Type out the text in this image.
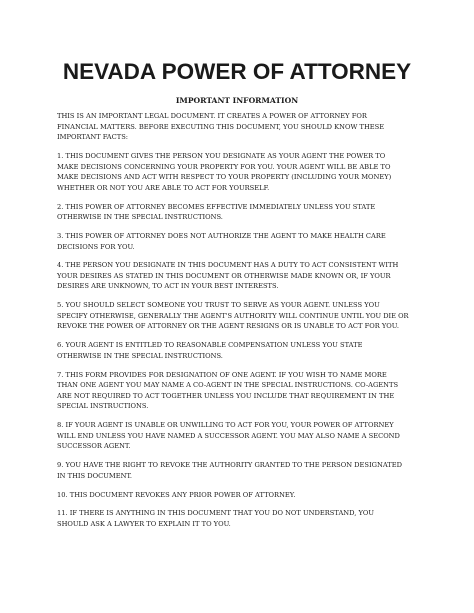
NEVADA POWER OF ATTORNEY
IMPORTANT INFORMATION
THIS IS AN IMPORTANT LEGAL DOCUMENT. IT CREATES A POWER OF ATTORNEY FOR
FINANCIAL MATTERS. BEFORE EXECUTING THIS DOCUMENT, YOU SHOULD KNOW THESE
IMPORTANT FACTS:
1. THIS DOCUMENT GIVES THE PERSON YOU DESIGNATE AS YOUR AGENT THE POWER TO
MAKE DECISIONS CONCERNING YOUR PROPERTY FOR YOU. YOUR AGENT WILL BE ABLE TO
MAKE DECISIONS AND ACT WITH RESPECT TO YOUR PROPERTY (INCLUDING YOUR MONEY)
WHETHER OR NOT YOU ARE ABLE TO ACT FOR YOURSELF.
2. THIS POWER OF ATTORNEY BECOMES EFFECTIVE IMMEDIATELY UNLESS YOU STATE
OTHERWISE IN THE SPECIAL INSTRUCTIONS.
3. THIS POWER OF ATTORNEY DOES NOT AUTHORIZE THE AGENT TO MAKE HEALTH CARE
DECISIONS FOR YOU.
4. THE PERSON YOU DESIGNATE IN THIS DOCUMENT HAS A DUTY TO ACT CONSISTENT WITH
YOUR DESIRES AS STATED IN THIS DOCUMENT OR OTHERWISE MADE KNOWN OR, IF YOUR
DESIRES ARE UNKNOWN, TO ACT IN YOUR BEST INTERESTS.
5. YOU SHOULD SELECT SOMEONE YOU TRUST TO SERVE AS YOUR AGENT. UNLESS YOU
SPECIFY OTHERWISE, GENERALLY THE AGENT'S AUTHORITY WILL CONTINUE UNTIL YOU DIE OR
REVOKE THE POWER OF ATTORNEY OR THE AGENT RESIGNS OR IS UNABLE TO ACT FOR YOU.
6. YOUR AGENT IS ENTITLED TO REASONABLE COMPENSATION UNLESS YOU STATE
OTHERWISE IN THE SPECIAL INSTRUCTIONS.
7. THIS FORM PROVIDES FOR DESIGNATION OF ONE AGENT. IF YOU WISH TO NAME MORE
THAN ONE AGENT YOU MAY NAME A CO-AGENT IN THE SPECIAL INSTRUCTIONS. CO-AGENTS
ARE NOT REQUIRED TO ACT TOGETHER UNLESS YOU INCLUDE THAT REQUIREMENT IN THE
SPECIAL INSTRUCTIONS.
8. IF YOUR AGENT IS UNABLE OR UNWILLING TO ACT FOR YOU, YOUR POWER OF ATTORNEY
WILL END UNLESS YOU HAVE NAMED A SUCCESSOR AGENT. YOU MAY ALSO NAME A SECOND
SUCCESSOR AGENT.
9. YOU HAVE THE RIGHT TO REVOKE THE AUTHORITY GRANTED TO THE PERSON DESIGNATED
IN THIS DOCUMENT.
10. THIS DOCUMENT REVOKES ANY PRIOR POWER OF ATTORNEY.
11. IF THERE IS ANYTHING IN THIS DOCUMENT THAT YOU DO NOT UNDERSTAND, YOU
SHOULD ASK A LAWYER TO EXPLAIN IT TO YOU.
